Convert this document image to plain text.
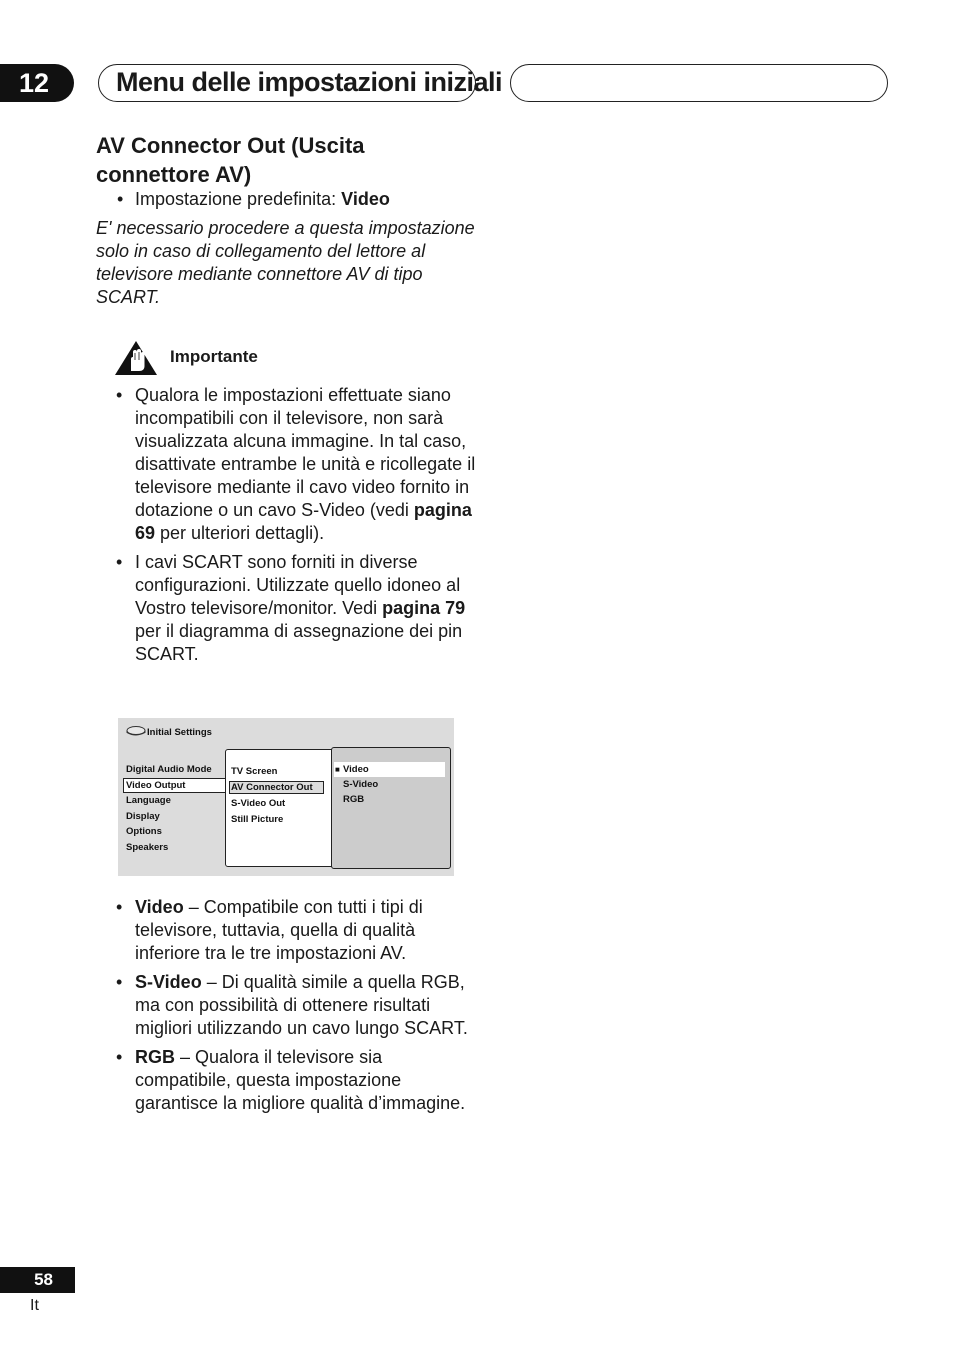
12	Menu delle impostazioni iniziali
AV Connector Out (Uscita connettore AV)
• Impostazione predefinita: Video

E' necessario procedere a questa impostazione solo in caso di collegamento del lettore al televisore mediante connettore AV di tipo SCART.

Importante
• Qualora le impostazioni effettuate siano incompatibili con il televisore, non sarà visualizzata alcuna immagine. In tal caso, disattivate entrambe le unità e ricollegate il televisore mediante il cavo video fornito in dotazione o un cavo S-Video (vedi pagina 69 per ulteriori dettagli).
• I cavi SCART sono forniti in diverse configurazioni. Utilizzate quello idoneo al Vostro televisore/monitor. Vedi pagina 79 per il diagramma di assegnazione dei pin SCART.
Initial Settings
Digital Audio Mode
Video Output
Language
Display
Options
Speakers
TV Screen
AV Connector Out
S-Video Out
Still Picture
■ Video
S-Video
RGB
• Video – Compatibile con tutti i tipi di televisore, tuttavia, quella di qualità inferiore tra le tre impostazioni AV.
• S-Video – Di qualità simile a quella RGB, ma con possibilità di ottenere risultati migliori utilizzando un cavo lungo SCART.
• RGB – Qualora il televisore sia compatibile, questa impostazione garantisce la migliore qualità d’immagine.
58
It
